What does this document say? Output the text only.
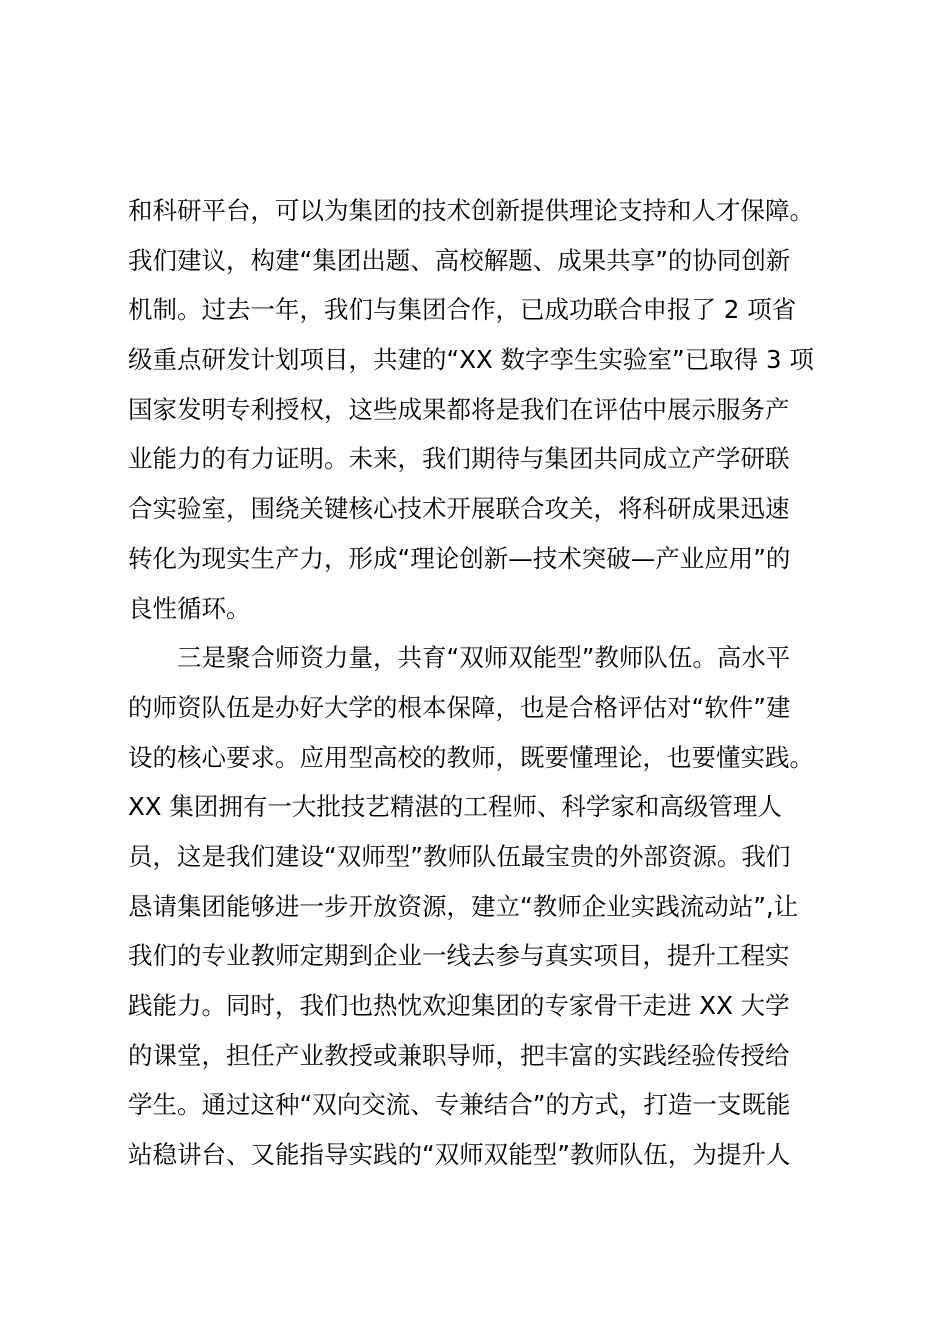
和科研平台，可以为集团的技术创新提供理论支持和人才保障。
我们建议，构建“集团出题、高校解题、成果共享”的协同创新
机制。过去一年，我们与集团合作，已成功联合申报了 2 项省
级重点研发计划项目，共建的“XX 数字孪生实验室”已取得 3 项
国家发明专利授权，这些成果都将是我们在评估中展示服务产
业能力的有力证明。未来，我们期待与集团共同成立产学研联
合实验室，围绕关键核心技术开展联合攻关，将科研成果迅速
转化为现实生产力，形成“理论创新—技术突破—产业应用”的
良性循环。
三是聚合师资力量，共育“双师双能型”教师队伍。高水平
的师资队伍是办好大学的根本保障，也是合格评估对“软件”建
设的核心要求。应用型高校的教师，既要懂理论，也要懂实践。
XX 集团拥有一大批技艺精湛的工程师、科学家和高级管理人
员，这是我们建设“双师型”教师队伍最宝贵的外部资源。我们
恳请集团能够进一步开放资源，建立“教师企业实践流动站”,让
我们的专业教师定期到企业一线去参与真实项目，提升工程实
践能力。同时，我们也热忱欢迎集团的专家骨干走进 XX 大学
的课堂，担任产业教授或兼职导师，把丰富的实践经验传授给
学生。通过这种“双向交流、专兼结合”的方式，打造一支既能
站稳讲台、又能指导实践的“双师双能型”教师队伍，为提升人
